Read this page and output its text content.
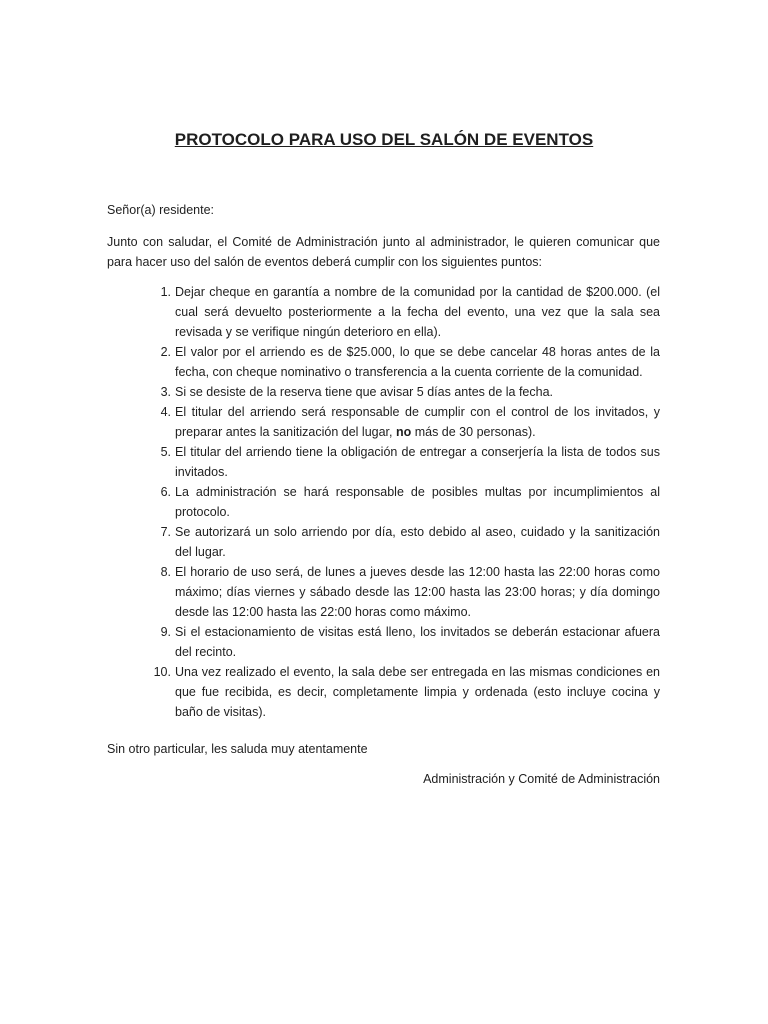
PROTOCOLO PARA USO DEL SALÓN DE EVENTOS

Señor(a) residente:

Junto con saludar, el Comité de Administración junto al administrador, le quieren comunicar que para hacer uso del salón de eventos deberá cumplir con los siguientes puntos:

1. Dejar cheque en garantía a nombre de la comunidad por la cantidad de $200.000. (el cual será devuelto posteriormente a la fecha del evento, una vez que la sala sea revisada y se verifique ningún deterioro en ella).
2. El valor por el arriendo es de $25.000, lo que se debe cancelar 48 horas antes de la fecha, con cheque nominativo o transferencia a la cuenta corriente de la comunidad.
3. Si se desiste de la reserva tiene que avisar 5 días antes de la fecha.
4. El titular del arriendo será responsable de cumplir con el control de los invitados, y preparar antes la sanitización del lugar, no más de 30 personas).
5. El titular del arriendo tiene la obligación de entregar a conserjería la lista de todos sus invitados.
6. La administración se hará responsable de posibles multas por incumplimientos al protocolo.
7. Se autorizará un solo arriendo por día, esto debido al aseo, cuidado y la sanitización del lugar.
8. El horario de uso será, de lunes a jueves desde las 12:00 hasta las 22:00 horas como máximo; días viernes y sábado desde las 12:00 hasta las 23:00 horas; y día domingo desde las 12:00 hasta las 22:00 horas como máximo.
9. Si el estacionamiento de visitas está lleno, los invitados se deberán estacionar afuera del recinto.
10. Una vez realizado el evento, la sala debe ser entregada en las mismas condiciones en que fue recibida, es decir, completamente limpia y ordenada (esto incluye cocina y baño de visitas).

Sin otro particular, les saluda muy atentamente

Administración y Comité de Administración
